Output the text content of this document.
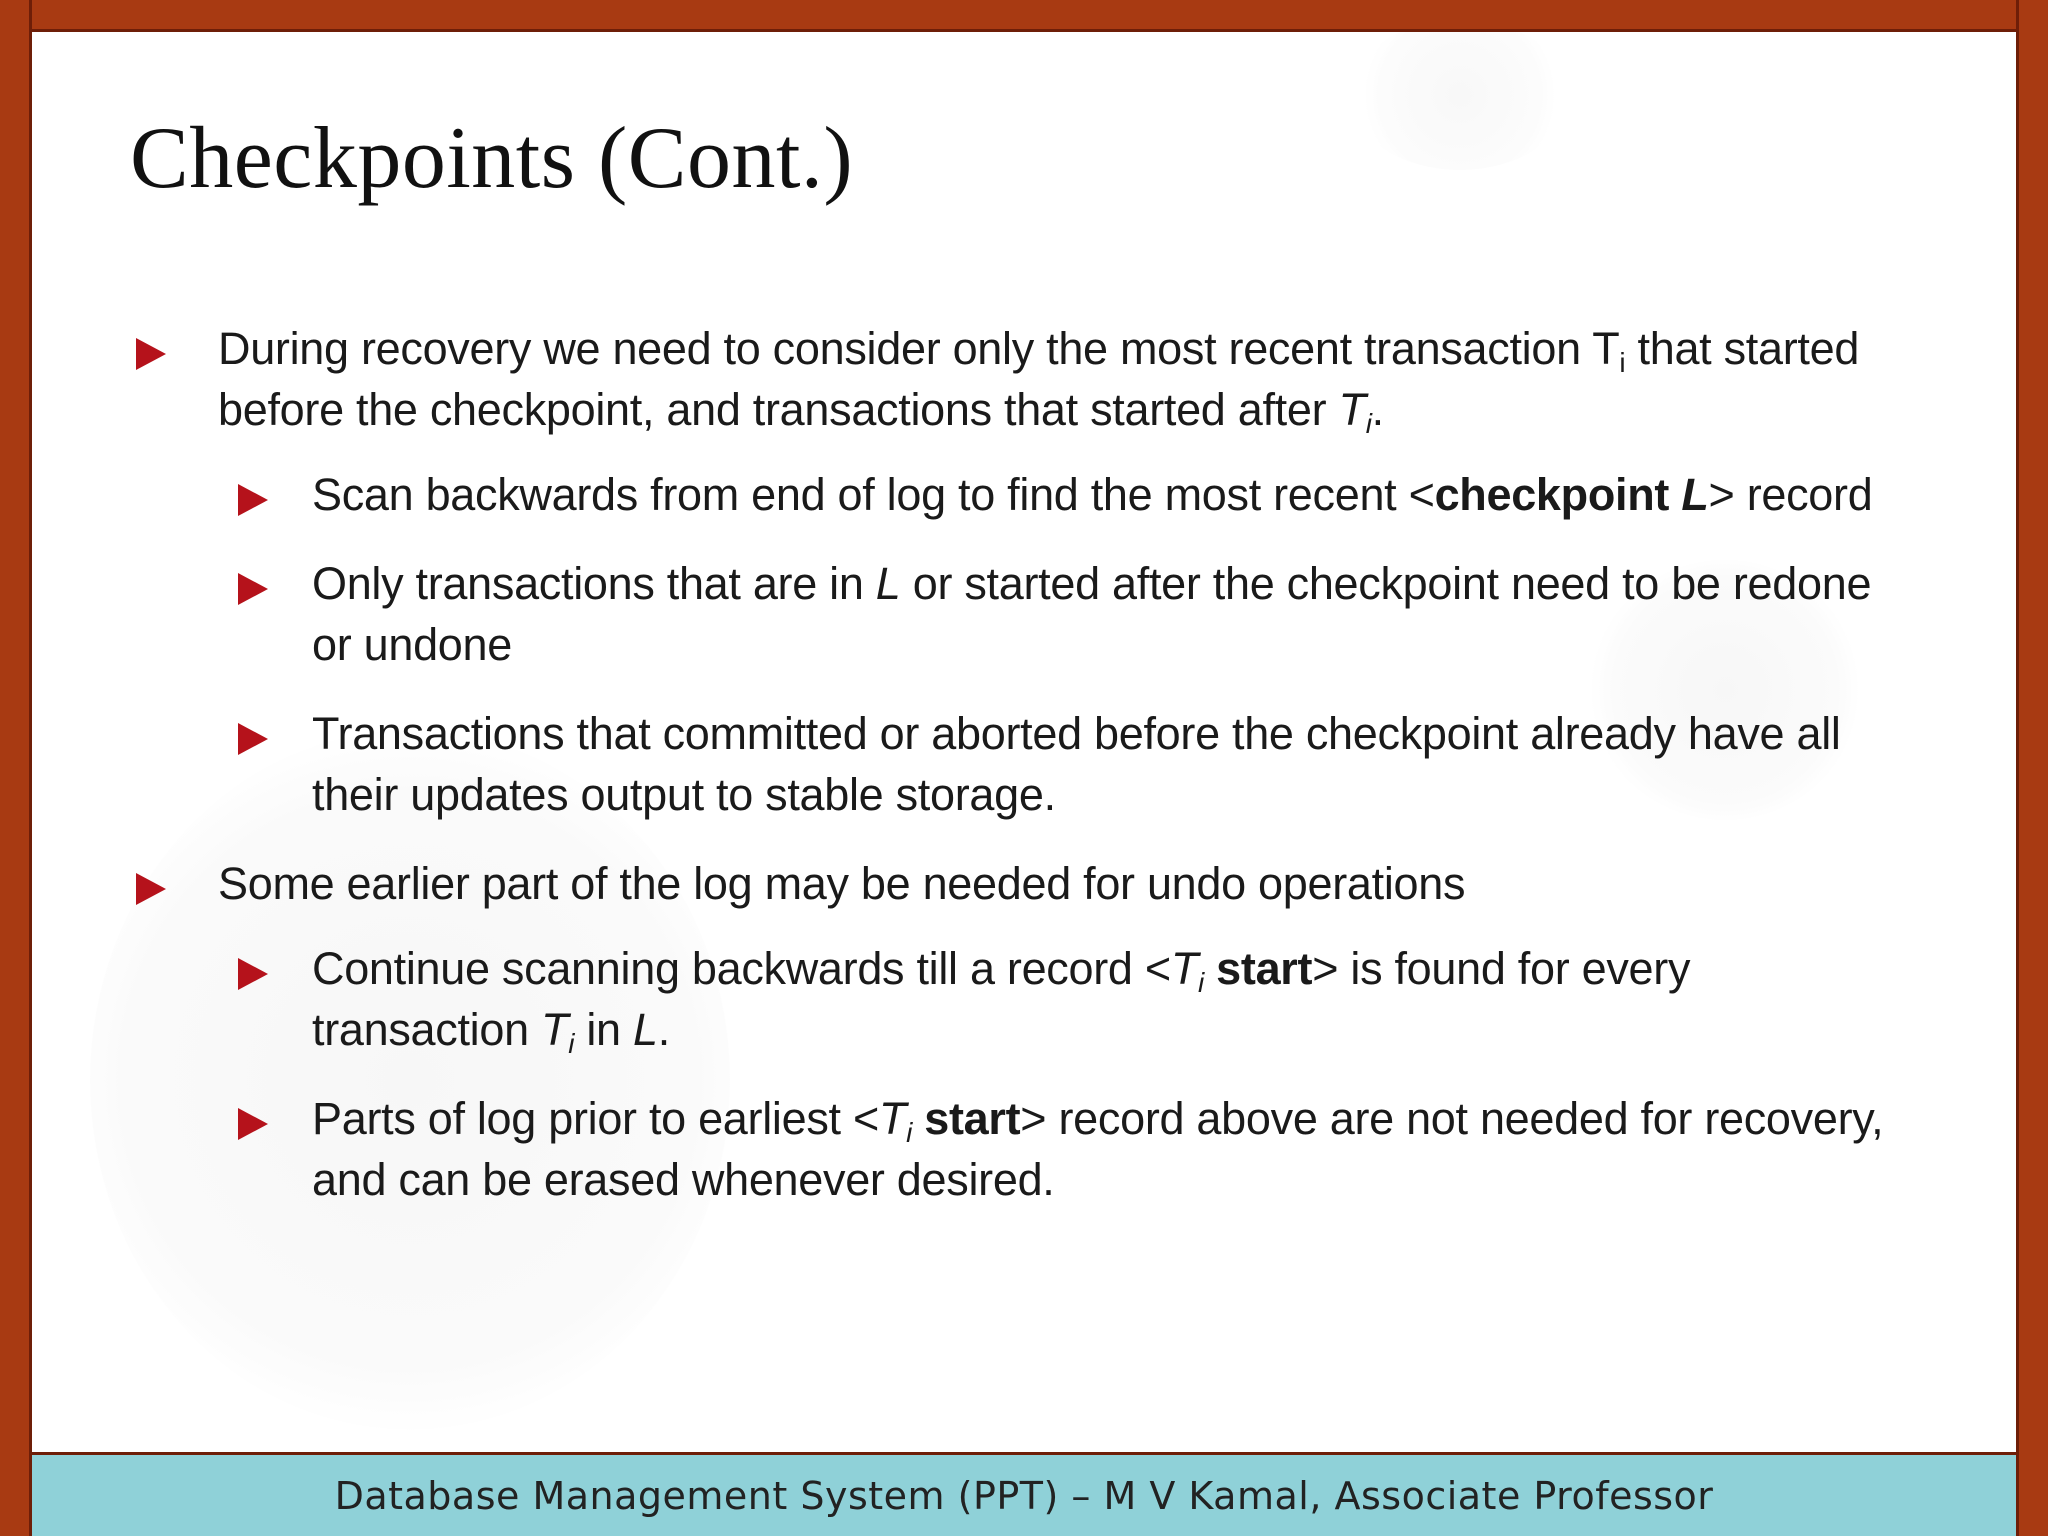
Checkpoints (Cont.)
During recovery we need to consider only the most recent transaction $T_i$ that started before the checkpoint, and transactions that started after $T_i$.
Scan backwards from end of log to find the most recent <checkpoint L> record
Only transactions that are in L or started after the checkpoint need to be redone or undone
Transactions that committed or aborted before the checkpoint already have all their updates output to stable storage.
Some earlier part of the log may be needed for undo operations
Continue scanning backwards till a record $<T_i$ start> is found for every transaction $T_i$ in L.
Parts of log prior to earliest $<T_i$ start> record above are not needed for recovery, and can be erased whenever desired.
Database Management System (PPT) – M V Kamal, Associate Professor
